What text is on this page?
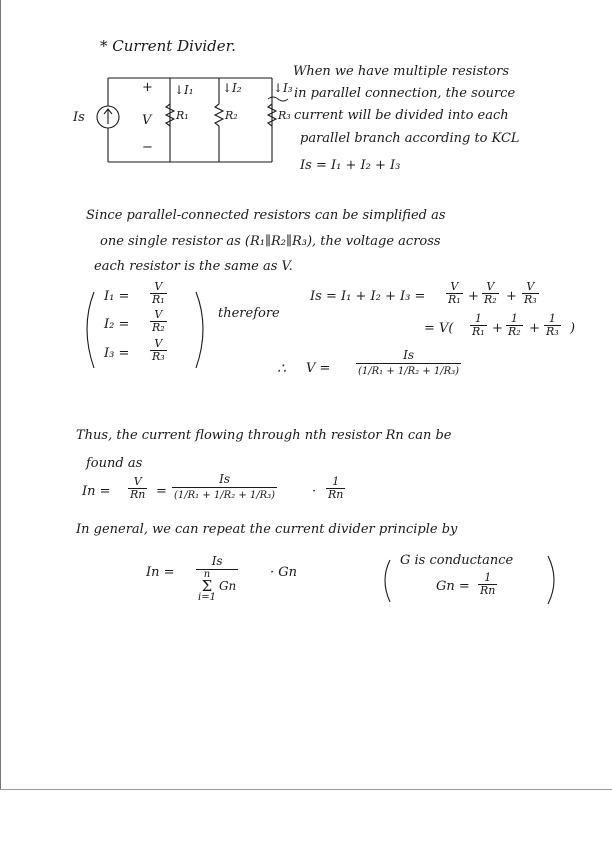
* Current Divider.
Is
+
V
−
↓I₁ ↓I₂	↓I₃
R₁	R₂	R₃
When we have multiple resistors
in parallel connection, the source
current will be divided into each
parallel branch according to KCL
Is = I₁ + I₂ + I₃
Since parallel-connected resistors can be simplified as
one single resistor as (R₁∥R₂∥R₃), the voltage across
each resistor is the same as V.
$I_1 = \frac{V}{\text{R₁}}$
$I_2 = \frac{V}{\text{R₂}}$
$I_3 = \frac{V}{\text{R₃}}$
therefore
$Is = I_1 + I_2 + I_3 = \frac{V}{\text{R₁}} + \frac{V}{\text{R₂}} + \frac{V}{\text{R₃}}$
= $V( \frac{1}{\text{R₁}} + \frac{1}{\text{R₂}} + \frac{1}{\text{R₃}}$ )
∴ V =
Is
(1/R₁ + 1/R₂ + 1/R₃)
Thus, the current flowing through nth resistor Rn can be
found as
$In = \frac{V}{Rn}$ =
Is
(1/R₁ + 1/R₂ + 1/R₃)	· $\frac{1}{Rn}$
In general, we can repeat the current divider principle by
In = Is
n
Σ
i=1
Gn · Gn
G is conductance
$Gn = \frac{1}{Rn}$
